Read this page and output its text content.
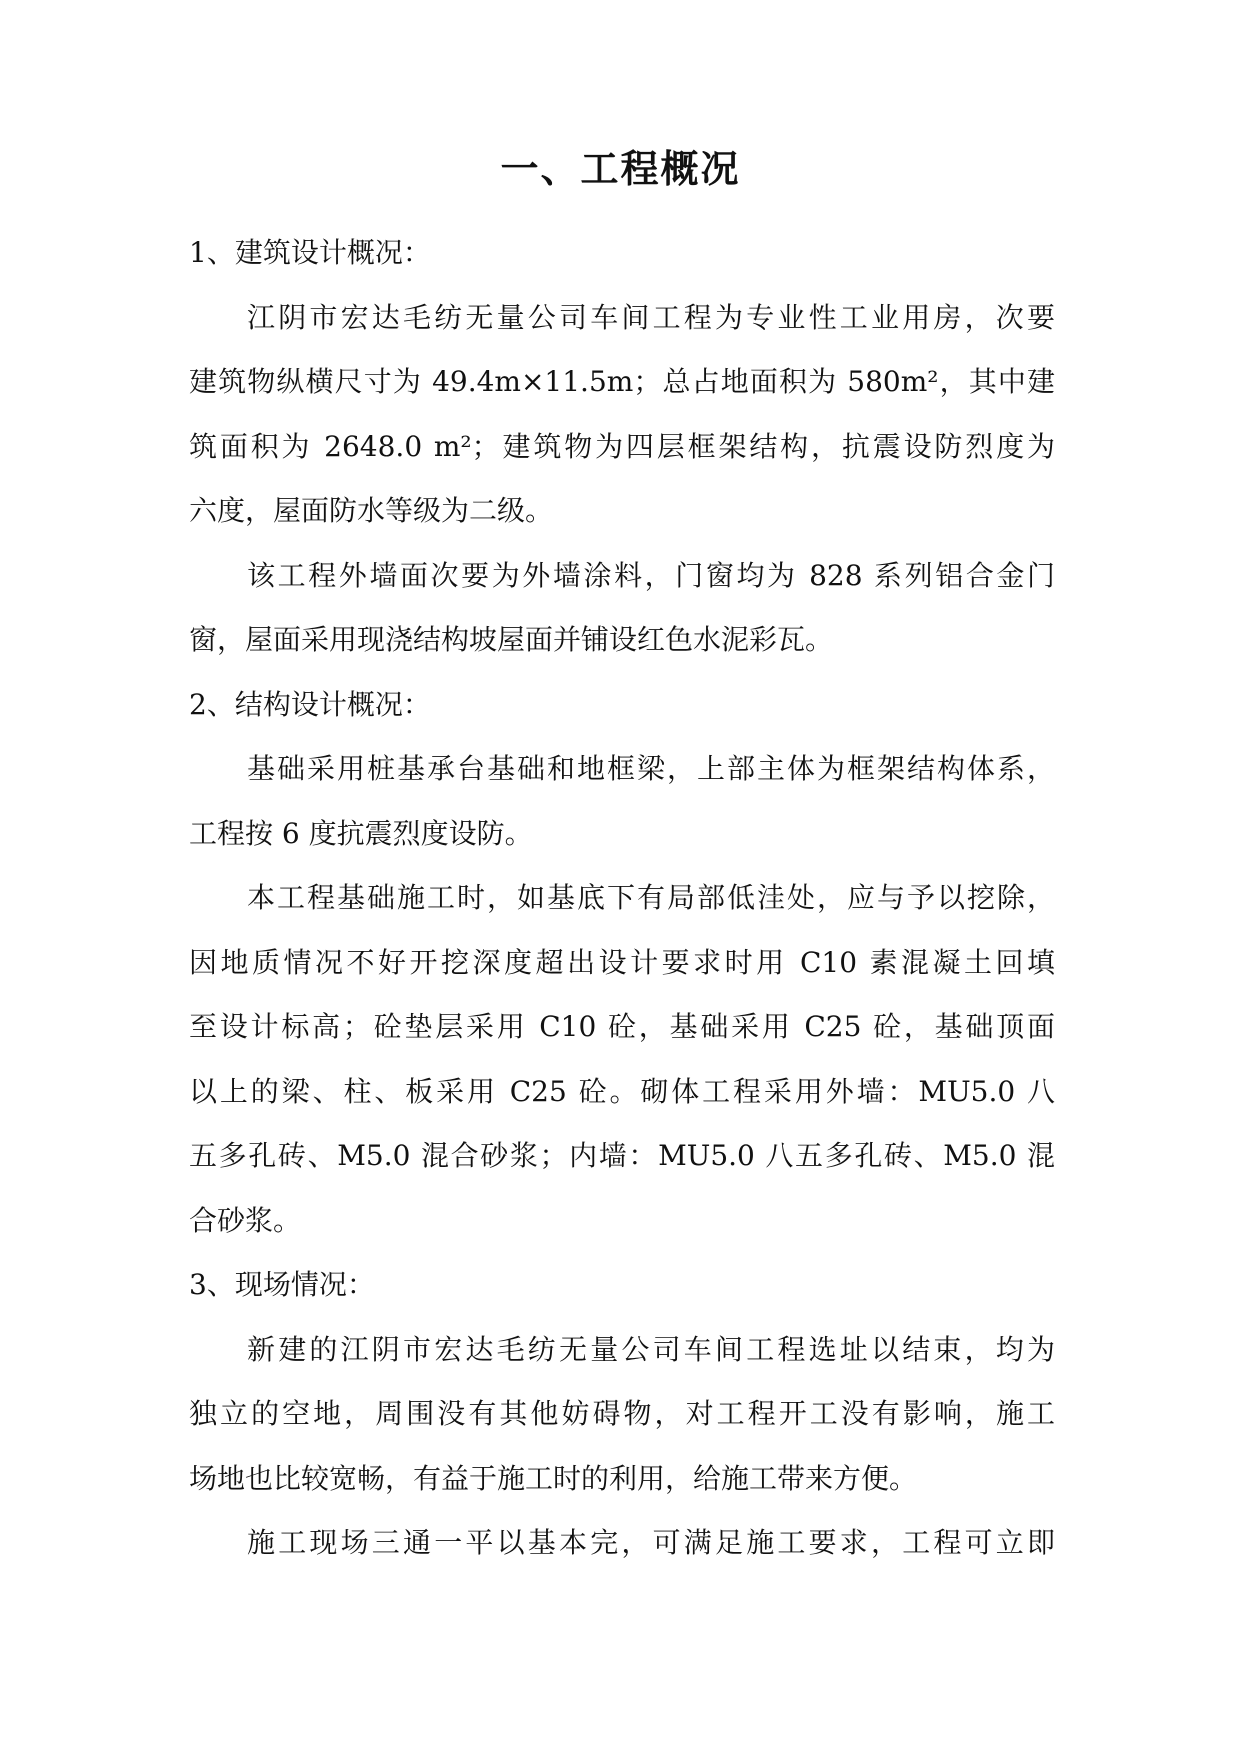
一、工程概况
1、建筑设计概况：
江阴市宏达毛纺无量公司车间工程为专业性工业用房，次要
建筑物纵横尺寸为 49.4m×11.5m；总占地面积为 580m²，其中建
筑面积为 2648.0 m²；建筑物为四层框架结构，抗震设防烈度为
六度，屋面防水等级为二级。
该工程外墙面次要为外墙涂料，门窗均为 828 系列铝合金门
窗，屋面采用现浇结构坡屋面并铺设红色水泥彩瓦。
2、结构设计概况：
基础采用桩基承台基础和地框梁，上部主体为框架结构体系，
工程按 6 度抗震烈度设防。
本工程基础施工时，如基底下有局部低洼处，应与予以挖除，
因地质情况不好开挖深度超出设计要求时用 C10 素混凝土回填
至设计标高；砼垫层采用 C10 砼，基础采用 C25 砼，基础顶面
以上的梁、柱、板采用 C25 砼。砌体工程采用外墙：MU5.0 八
五多孔砖、M5.0 混合砂浆；内墙：MU5.0 八五多孔砖、M5.0 混
合砂浆。
3、现场情况：
新建的江阴市宏达毛纺无量公司车间工程选址以结束，均为
独立的空地，周围没有其他妨碍物，对工程开工没有影响，施工
场地也比较宽畅，有益于施工时的利用，给施工带来方便。
施工现场三通一平以基本完，可满足施工要求，工程可立即
